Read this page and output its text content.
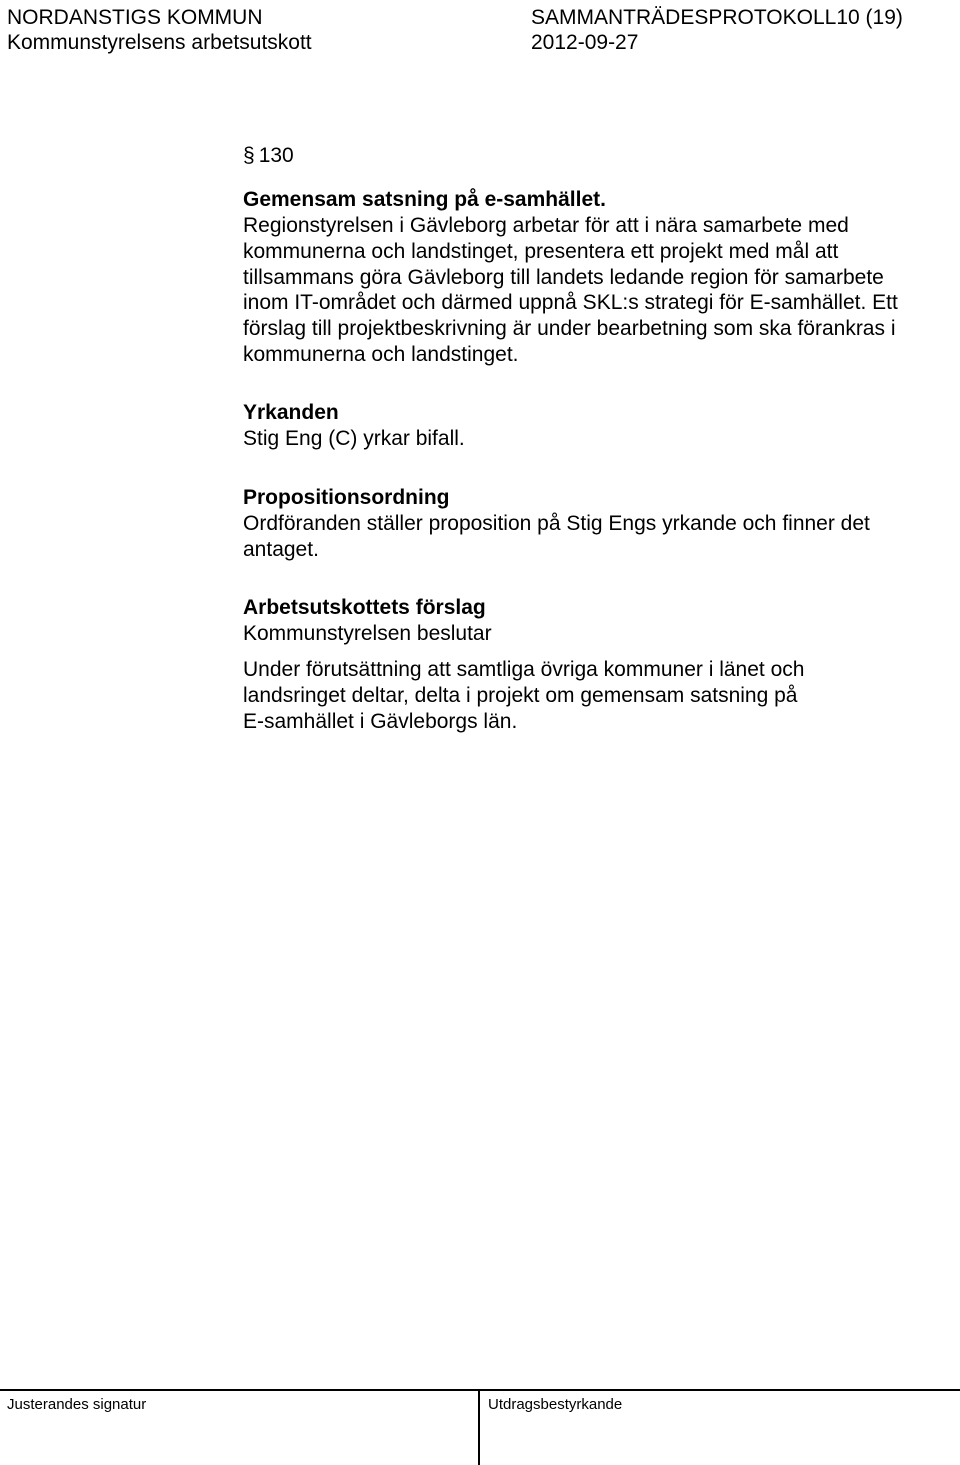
NORDANSTIGS KOMMUN
Kommunstyrelsens arbetsutskott
SAMMANTRÄDESPROTOKOLL10 (19)
2012-09-27
§ 130
Gemensam satsning på e-samhället.
Regionstyrelsen i Gävleborg arbetar för att i nära samarbete med
kommunerna och landstinget, presentera ett projekt med mål att
tillsammans göra Gävleborg till landets ledande region för samarbete
inom IT-området och därmed uppnå SKL:s strategi för E-samhället. Ett
förslag till projektbeskrivning är under bearbetning som ska förankras i
kommunerna och landstinget.
Yrkanden
Stig Eng (C) yrkar bifall.
Propositionsordning
Ordföranden ställer proposition på Stig Engs yrkande och finner det
antaget.
Arbetsutskottets förslag
Kommunstyrelsen beslutar
Under förutsättning att samtliga övriga kommuner i länet och
landsringet deltar, delta i projekt om gemensam satsning på
E-samhället i Gävleborgs län.
Justerandes signatur	Utdragsbestyrkande
